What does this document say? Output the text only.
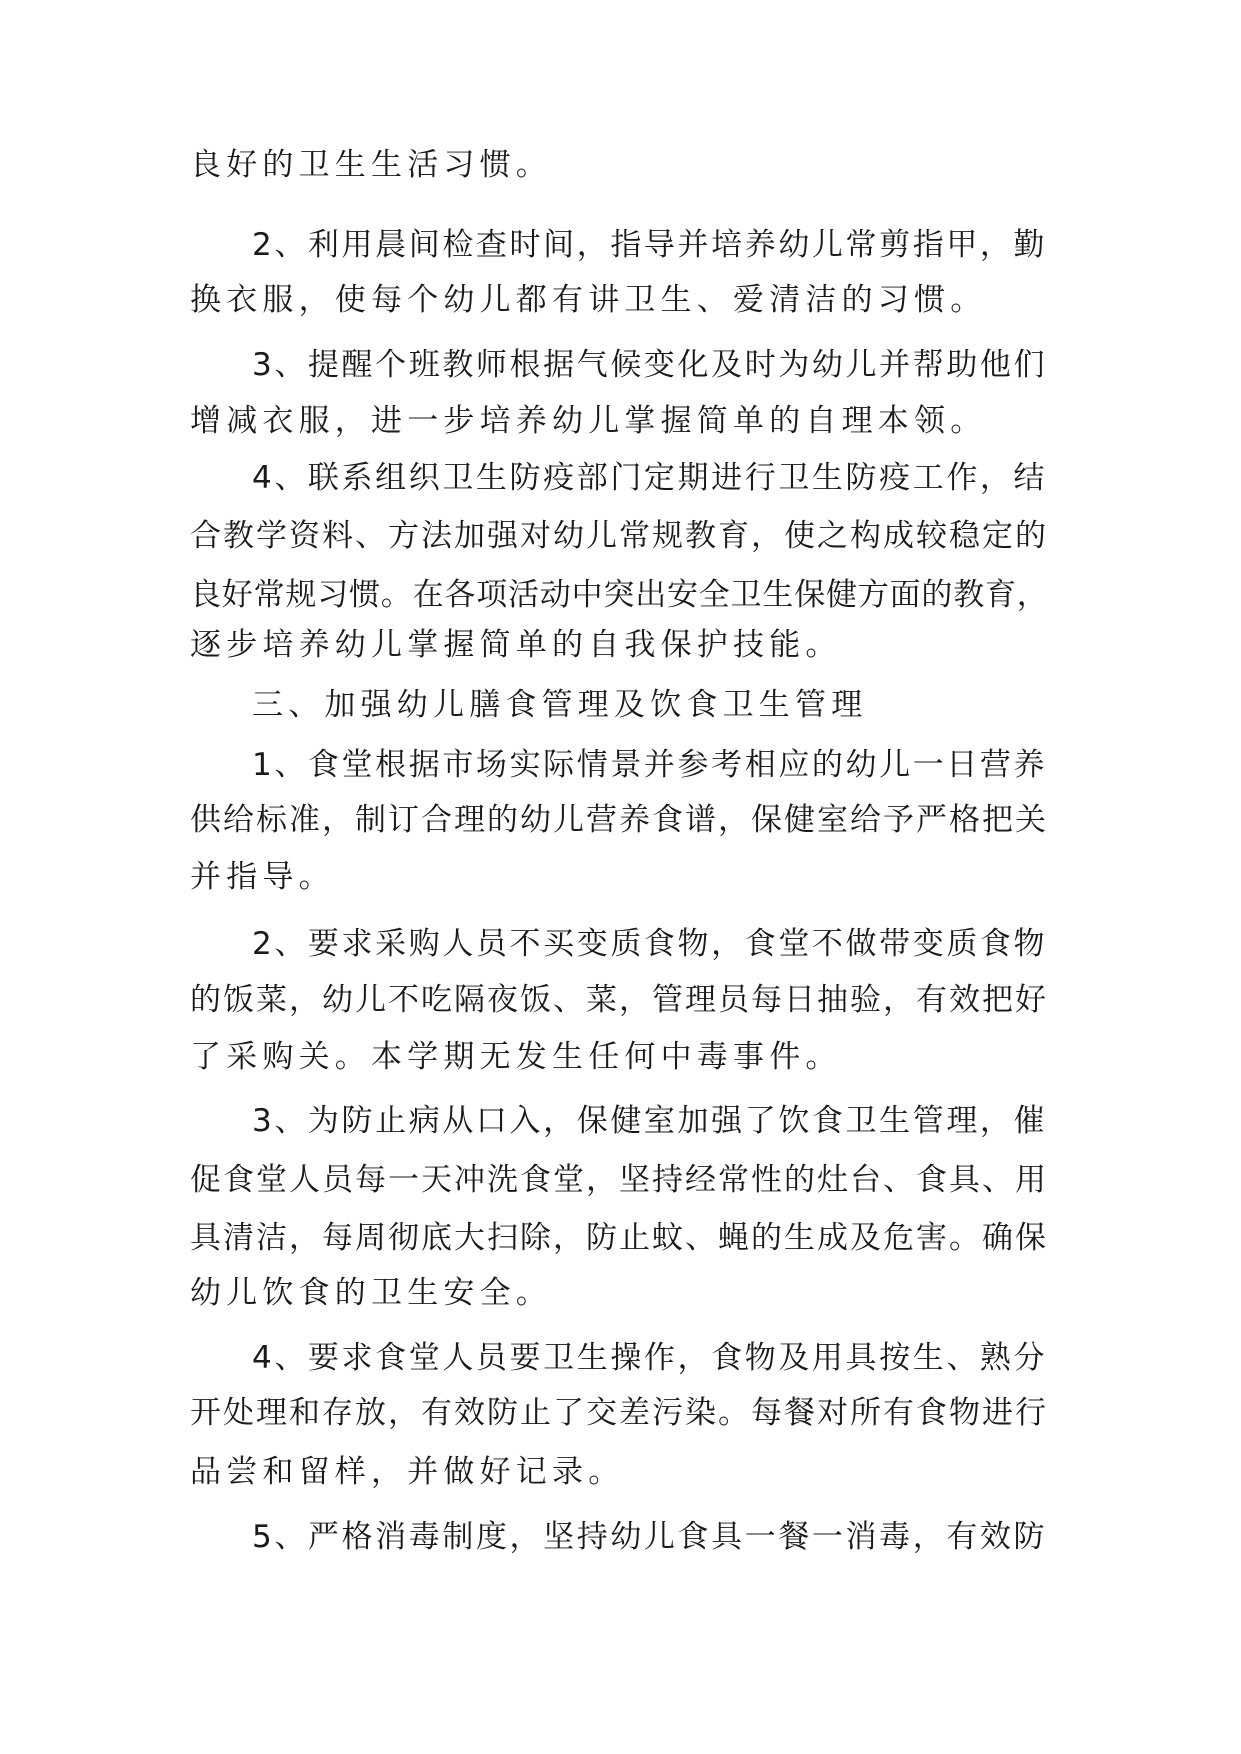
良好的卫生生活习惯。

2、利用晨间检查时间，指导并培养幼儿常剪指甲，勤

换衣服，使每个幼儿都有讲卫生、爱清洁的习惯。

3、提醒个班教师根据气候变化及时为幼儿并帮助他们

增减衣服，进一步培养幼儿掌握简单的自理本领。

4、联系组织卫生防疫部门定期进行卫生防疫工作，结

合教学资料、方法加强对幼儿常规教育，使之构成较稳定的

良好常规习惯。在各项活动中突出安全卫生保健方面的教育，

逐步培养幼儿掌握简单的自我保护技能。

三、加强幼儿膳食管理及饮食卫生管理

1、食堂根据市场实际情景并参考相应的幼儿一日营养

供给标准，制订合理的幼儿营养食谱，保健室给予严格把关

并指导。

2、要求采购人员不买变质食物，食堂不做带变质食物

的饭菜，幼儿不吃隔夜饭、菜，管理员每日抽验，有效把好

了采购关。本学期无发生任何中毒事件。

3、为防止病从口入，保健室加强了饮食卫生管理，催

促食堂人员每一天冲洗食堂，坚持经常性的灶台、食具、用

具清洁，每周彻底大扫除，防止蚊、蝇的生成及危害。确保

幼儿饮食的卫生安全。

4、要求食堂人员要卫生操作，食物及用具按生、熟分

开处理和存放，有效防止了交差污染。每餐对所有食物进行

品尝和留样，并做好记录。

5、严格消毒制度，坚持幼儿食具一餐一消毒，有效防
